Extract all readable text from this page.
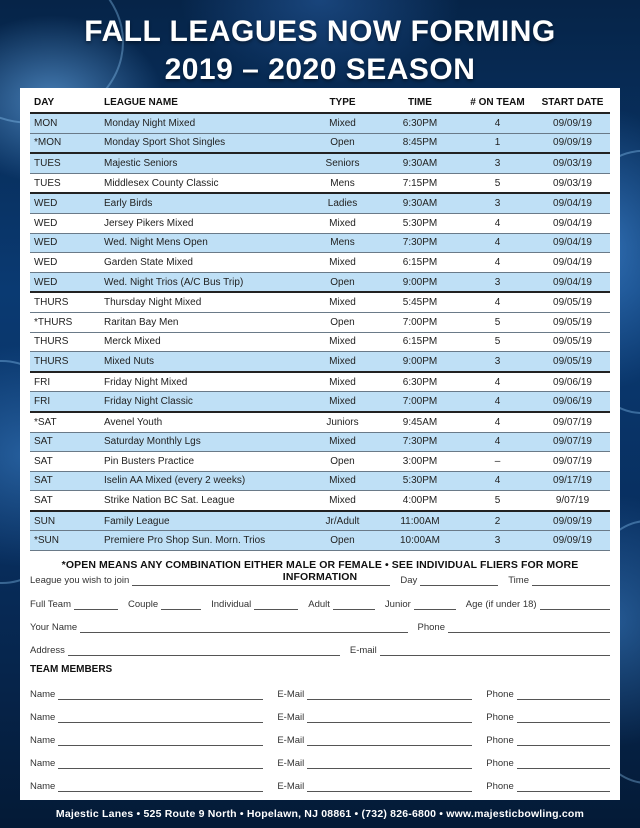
FALL LEAGUES NOW FORMING
2019 – 2020 SEASON
DAY	LEAGUE NAME	TYPE	TIME	# ON TEAM	START DATE
MON	Monday Night Mixed	Mixed	6:30PM	4	09/09/19
*MON	Monday Sport Shot Singles	Open	8:45PM	1	09/09/19
TUES	Majestic Seniors	Seniors	9:30AM	3	09/03/19
TUES	Middlesex County Classic	Mens	7:15PM	5	09/03/19
WED	Early Birds	Ladies	9:30AM	3	09/04/19
WED	Jersey Pikers Mixed	Mixed	5:30PM	4	09/04/19
WED	Wed. Night Mens Open	Mens	7:30PM	4	09/04/19
WED	Garden State Mixed	Mixed	6:15PM	4	09/04/19
WED	Wed. Night Trios (A/C Bus Trip)	Open	9:00PM	3	09/04/19
THURS	Thursday Night Mixed	Mixed	5:45PM	4	09/05/19
*THURS	Raritan Bay Men	Open	7:00PM	5	09/05/19
THURS	Merck Mixed	Mixed	6:15PM	5	09/05/19
THURS	Mixed Nuts	Mixed	9:00PM	3	09/05/19
FRI	Friday Night Mixed	Mixed	6:30PM	4	09/06/19
FRI	Friday Night Classic	Mixed	7:00PM	4	09/06/19
*SAT	Avenel Youth	Juniors	9:45AM	4	09/07/19
SAT	Saturday Monthly Lgs	Mixed	7:30PM	4	09/07/19
SAT	Pin Busters Practice	Open	3:00PM	–	09/07/19
SAT	Iselin AA Mixed (every 2 weeks)	Mixed	5:30PM	4	09/17/19
SAT	Strike Nation BC Sat. League	Mixed	4:00PM	5	9/07/19
SUN	Family League	Jr/Adult	11:00AM	2	09/09/19
*SUN	Premiere Pro Shop Sun. Morn. Trios	Open	10:00AM	3	09/09/19
*OPEN MEANS ANY COMBINATION EITHER MALE OR FEMALE • SEE INDIVIDUAL FLIERS FOR MORE INFORMATION
League you wish to join	Day	Time
Full Team	Couple	Individual	Adult	Junior	Age (if under 18)
Your Name	Phone
Address	E-mail
TEAM MEMBERS
Name	E-Mail	Phone
Name	E-Mail	Phone
Name	E-Mail	Phone
Name	E-Mail	Phone
Name	E-Mail	Phone
Majestic Lanes • 525 Route 9 North • Hopelawn, NJ 08861 • (732) 826-6800 • www.majesticbowling.com
